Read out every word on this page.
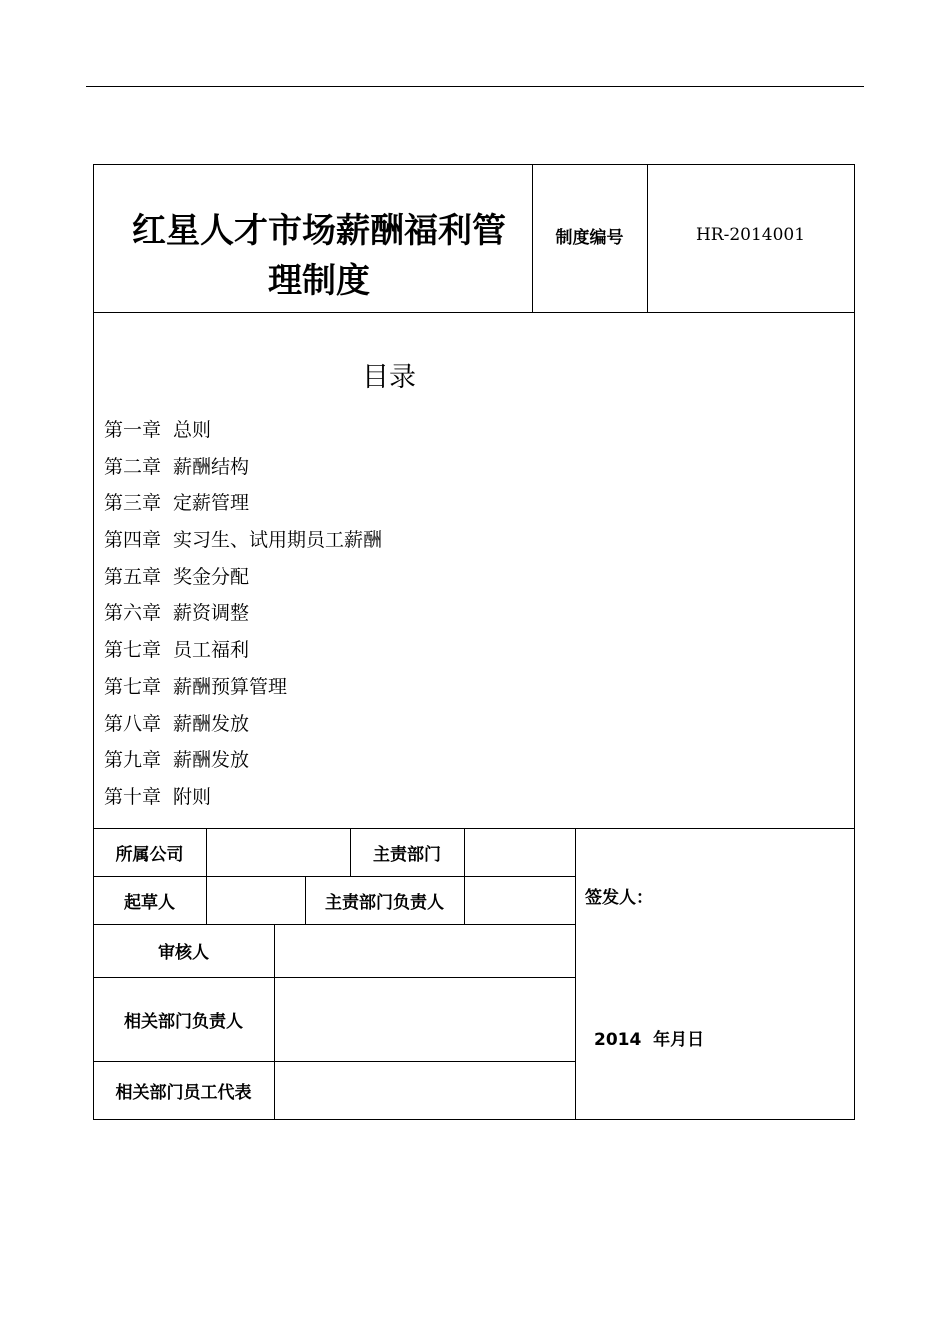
红星人才市场薪酬福利管理制度
制度编号	HR-2014001
目录
第一章 总则
第二章 薪酬结构
第三章 定薪管理
第四章 实习生、试用期员工薪酬
第五章 奖金分配
第六章 薪资调整
第七章 员工福利
第七章 薪酬预算管理
第八章 薪酬发放
第九章 薪酬发放
第十章 附则
所属公司	主责部门
起草人	主责部门负责人
审核人
相关部门负责人
相关部门员工代表
签发人：
2014  年月日
